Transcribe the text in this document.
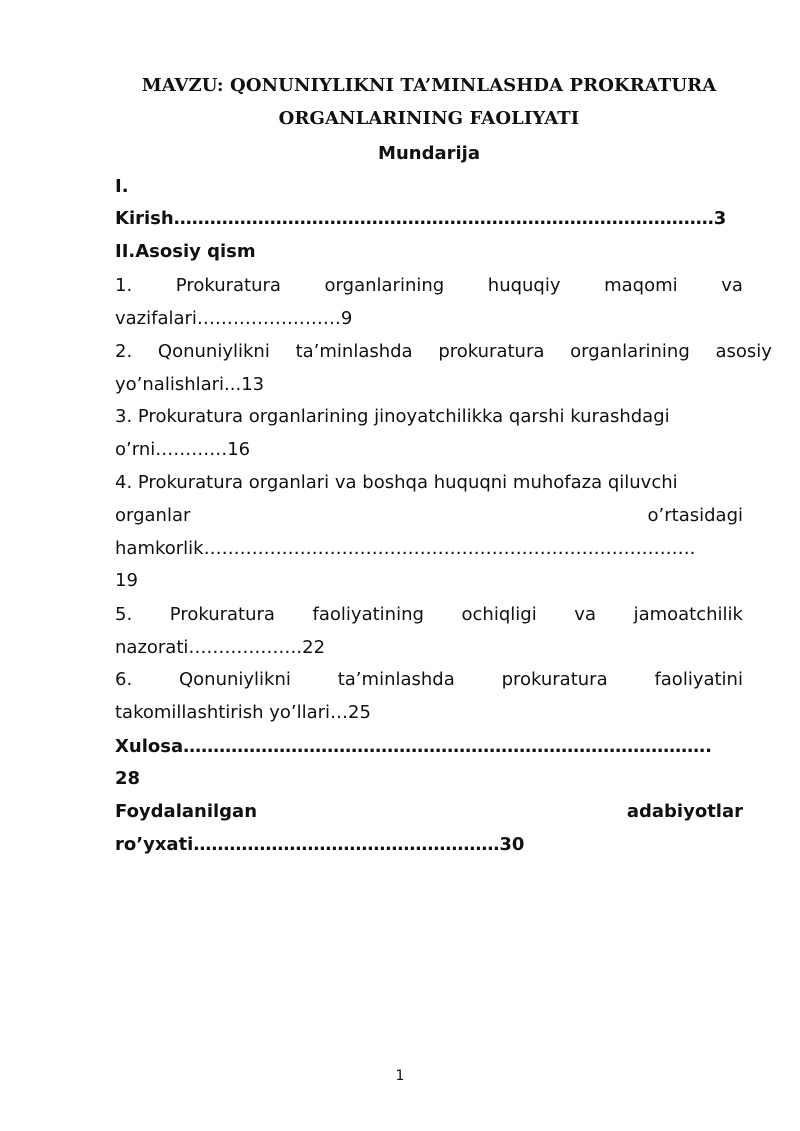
MAVZU: QONUNIYLIKNI TA’MINLASHDA PROKRATURA
ORGANLARINING FAOLIYATI
Mundarija
I.
Kirish………………………………………………………………………………3
II.Asosiy qism
1. Prokuratura organlarining huquqiy maqomi va
vazifalari……………………9
2. Qonuniylikni ta’minlashda prokuratura organlarining asosiy
yo’nalishlari...13
3. Prokuratura organlarining jinoyatchilikka qarshi kurashdagi
o’rni…………16
4. Prokuratura organlari va boshqa huquqni muhofaza qiluvchi
organlar	o’rtasidagi
hamkorlik……………………………………………………………………….
19
5. Prokuratura faoliyatining ochiqligi va jamoatchilik
nazorati……………….22
6.	Qonuniylikni	ta’minlashda	prokuratura	faoliyatini
takomillashtirish yo’llari…25
Xulosa…………………………………………………………………………….
28
Foydalanilgan	adabiyotlar
ro’yxati……………………………………………30
1
